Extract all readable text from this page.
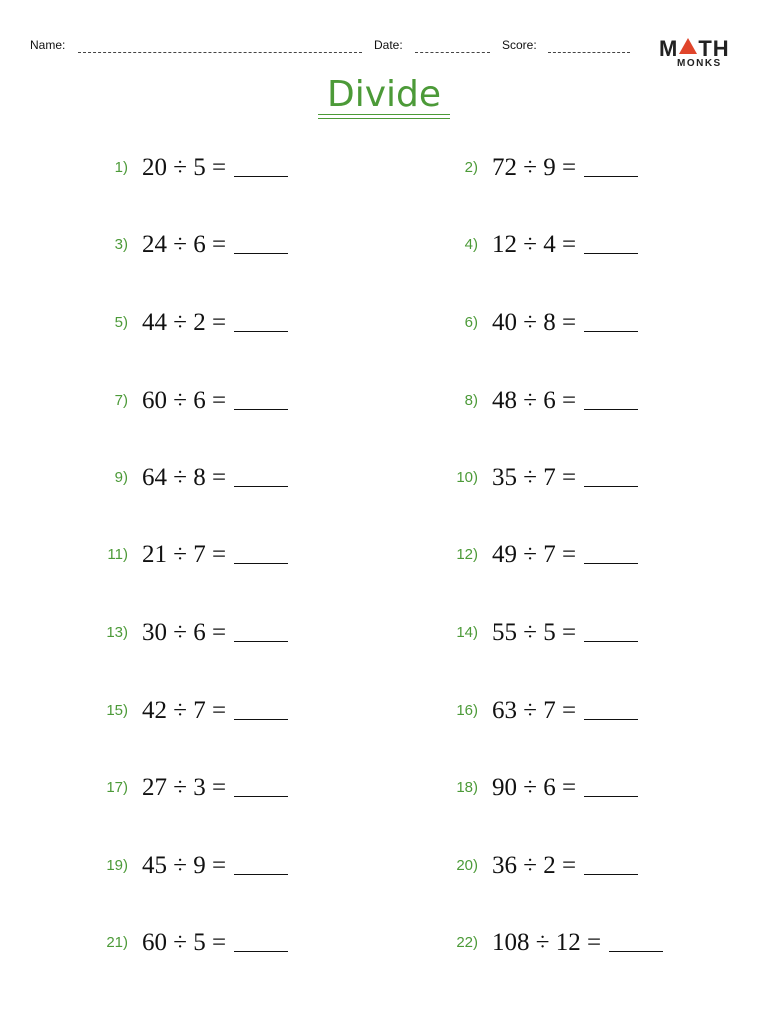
Name:	Date:	Score:	M TH
MONKS
Divide
1) 20 ÷ 5 =	2) 72 ÷ 9 =
3) 24 ÷ 6 =	4) 12 ÷ 4 =
5) 44 ÷ 2 =	6) 40 ÷ 8 =
7) 60 ÷ 6 =	8) 48 ÷ 6 =
9) 64 ÷ 8 =	10) 35 ÷ 7 =
11) 21 ÷ 7 =	12) 49 ÷ 7 =
13) 30 ÷ 6 =	14) 55 ÷ 5 =
15) 42 ÷ 7 =	16) 63 ÷ 7 =
17) 27 ÷ 3 =	18) 90 ÷ 6 =
19) 45 ÷ 9 =	20) 36 ÷ 2 =
21) 60 ÷ 5 =	22) 108 ÷ 12 =
